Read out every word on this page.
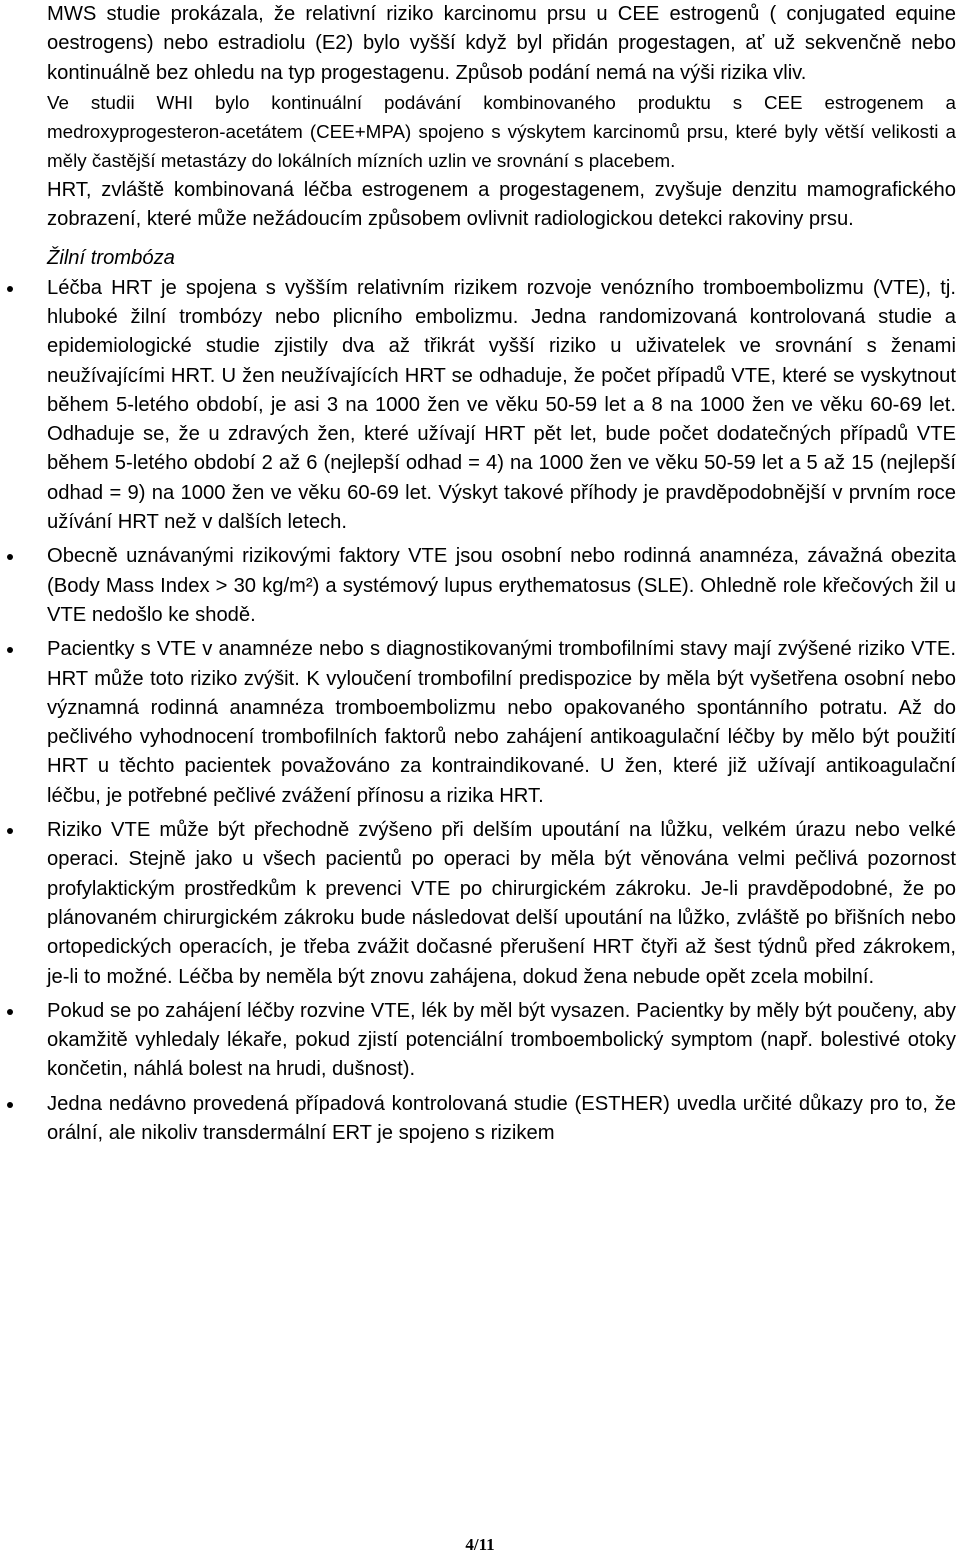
MWS studie prokázala, že relativní riziko karcinomu prsu u CEE estrogenů ( conjugated equine oestrogens) nebo estradiolu (E2) bylo vyšší když byl přidán progestagen, ať už sekvenčně nebo kontinuálně bez ohledu na typ progestagenu. Způsob podání nemá na výši rizika vliv.

Ve studii WHI bylo kontinuální podávání kombinovaného produktu s CEE estrogenem a medroxyprogesteron-acetátem (CEE+MPA) spojeno s výskytem karcinomů prsu, které byly větší velikosti a měly častější metastázy do lokálních mízních uzlin ve srovnání s placebem.

HRT, zvláště kombinovaná léčba estrogenem a progestagenem, zvyšuje denzitu mamografického zobrazení, které může nežádoucím způsobem ovlivnit radiologickou detekci rakoviny prsu.

Žilní trombóza

Léčba HRT je spojena s vyšším relativním rizikem rozvoje venózního tromboembolizmu (VTE), tj. hluboké žilní trombózy nebo plicního embolizmu. Jedna randomizovaná kontrolovaná studie a epidemiologické studie zjistily dva až třikrát vyšší riziko u uživatelek ve srovnání s ženami neužívajícími HRT. U žen neužívajících HRT se odhaduje, že počet případů VTE, které se vyskytnout během 5-letého období, je asi 3 na 1000 žen ve věku 50-59 let a 8 na 1000 žen ve věku 60-69 let. Odhaduje se, že u zdravých žen, které užívají HRT pět let, bude počet dodatečných případů VTE během 5-letého období 2 až 6 (nejlepší odhad = 4) na 1000 žen ve věku 50-59 let a 5 až 15 (nejlepší odhad = 9) na 1000 žen ve věku 60-69 let. Výskyt takové příhody je pravděpodobnější v prvním roce užívání HRT než v dalších letech.
Obecně uznávanými rizikovými faktory VTE jsou osobní nebo rodinná anamnéza, závažná obezita (Body Mass Index > 30 kg/m²) a systémový lupus erythematosus (SLE). Ohledně role křečových žil u VTE nedošlo ke shodě.
Pacientky s VTE v anamnéze nebo s diagnostikovanými trombofilními stavy mají zvýšené riziko VTE. HRT může toto riziko zvýšit. K vyloučení trombofilní predispozice by měla být vyšetřena osobní nebo významná rodinná anamnéza tromboembolizmu nebo opakovaného spontánního potratu. Až do pečlivého vyhodnocení trombofilních faktorů nebo zahájení antikoagulační léčby by mělo být použití HRT u těchto pacientek považováno za kontraindikované. U žen, které již užívají antikoagulační léčbu, je potřebné pečlivé zvážení přínosu a rizika HRT.
Riziko VTE může být přechodně zvýšeno při delším upoutání na lůžku, velkém úrazu nebo velké operaci. Stejně jako u všech pacientů po operaci by měla být věnována velmi pečlivá pozornost profylaktickým prostředkům k prevenci VTE po chirurgickém zákroku. Je-li pravděpodobné, že po plánovaném chirurgickém zákroku bude následovat delší upoutání na lůžko, zvláště po břišních nebo ortopedických operacích, je třeba zvážit dočasné přerušení HRT čtyři až šest týdnů před zákrokem, je-li to možné. Léčba by neměla být znovu zahájena, dokud žena nebude opět zcela mobilní.
Pokud se po zahájení léčby rozvine VTE, lék by měl být vysazen. Pacientky by měly být poučeny, aby okamžitě vyhledaly lékaře, pokud zjistí potenciální tromboembolický symptom (např. bolestivé otoky končetin, náhlá bolest na hrudi, dušnost).
Jedna nedávno provedená případová kontrolovaná studie (ESTHER) uvedla určité důkazy pro to, že orální, ale nikoliv transdermální ERT je spojeno s rizikem
4/11
